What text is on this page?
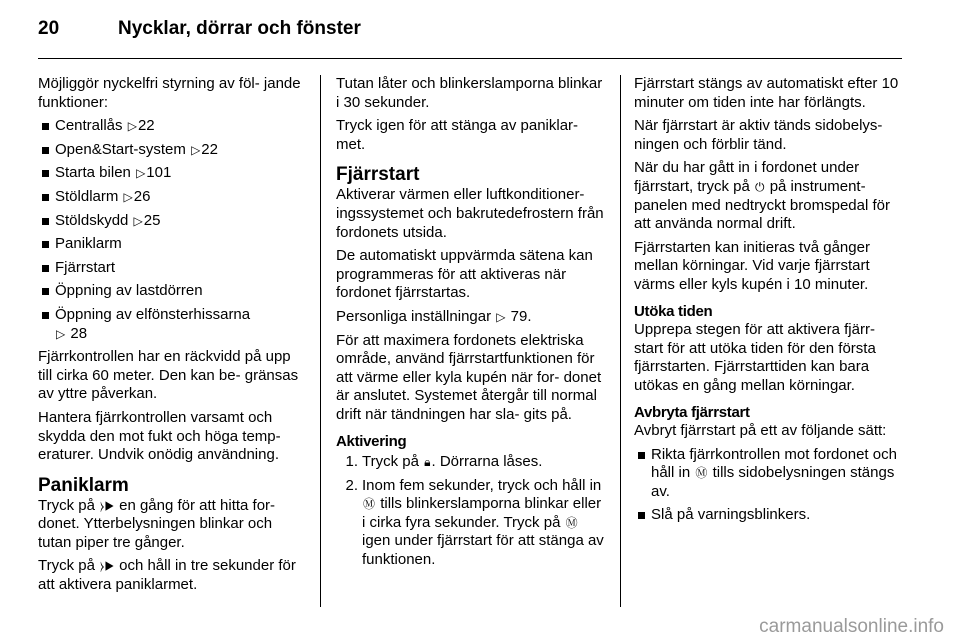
20	Nycklar, dörrar och fönster

Möjliggör nyckelfri styrning av föl- jande funktioner:

Centrallås ▷22
Open&Start-system ▷22
Starta bilen ▷101
Stöldlarm ▷26
Stöldskydd ▷25
Paniklarm
Fjärrstart
Öppning av lastdörren
Öppning av elfönsterhissarna
▷ 28

Fjärrkontrollen har en räckvidd på upp till cirka 60 meter. Den kan be- gränsas av yttre påverkan.

Hantera fjärrkontrollen varsamt och skydda den mot fukt och höga temp- eraturer. Undvik onödig användning.

Paniklarm

Tryck på ⧽▶ en gång för att hitta for- donet. Ytterbelysningen blinkar och tutan piper tre gånger.

Tryck på ⧽▶ och håll in tre sekunder för att aktivera paniklarmet.

Tutan låter och blinkerslamporna blinkar i 30 sekunder.

Tryck igen för att stänga av paniklar- met.

Fjärrstart

Aktiverar värmen eller luftkonditioner- ingssystemet och bakrutedefrostern från fordonets utsida.

De automatiskt uppvärmda sätena kan programmeras för att aktiveras när fordonet fjärrstartas.

Personliga inställningar ▷ 79.

För att maximera fordonets elektriska område, använd fjärrstartfunktionen för att värme eller kyla kupén när for- donet är anslutet. Systemet återgår till normal drift när tändningen har sla- gits på.

Aktivering
1. Tryck på 🔒︎. Dörrarna låses.
2. Inom fem sekunder, tryck och håll in Ⓜ tills blinkerslamporna blinkar eller i cirka fyra sekunder. Tryck på Ⓜ igen under fjärrstart för att stänga av funktionen.

Fjärrstart stängs av automatiskt efter 10 minuter om tiden inte har förlängts.

När fjärrstart är aktiv tänds sidobelys- ningen och förblir tänd.

När du har gått in i fordonet under fjärrstart, tryck på ⏻ på instrument- panelen med nedtryckt bromspedal för att använda normal drift.

Fjärrstarten kan initieras två gånger mellan körningar. Vid varje fjärrstart värms eller kyls kupén i 10 minuter.

Utöka tiden

Upprepa stegen för att aktivera fjärr- start för att utöka tiden för den första fjärrstarten. Fjärrstarttiden kan bara utökas en gång mellan körningar.

Avbryta fjärrstart

Avbryt fjärrstart på ett av följande sätt:

Rikta fjärrkontrollen mot fordonet och håll in Ⓜ tills sidobelysningen stängs av.
Slå på varningsblinkers.
carmanualsonline.info
